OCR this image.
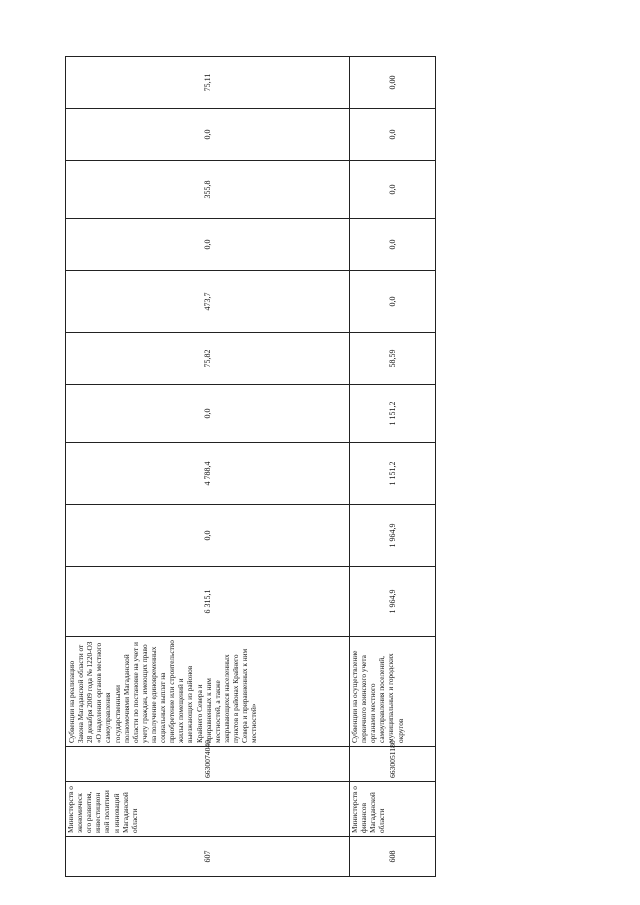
607	Министерств о экономическ ого развития, инвестицион ной политики и инноваций Магаданской области	6630074040	Субвенции на реализацию Закона Магаданской области от 28 декабря 2009 года № 1220-ОЗ «О наделении органов местного самоуправления государственными полномочиями Магаданской области по постановке на учет и учету граждан, имеющих право на получение единовременных социальных выплат на приобретение или строительство жилых помещений и выезжающих из районов Крайнего Севера и приравненных к ним местностей, а также закрывающихся населенных пунктов в районах Крайнего Севера и приравненных к ним местностей»	6 315,1	0,0	4 788,4	0,0	75,82	473,7	0,0	355,8	0,0	75,11
608	Министерств о финансов Магаданской области	6630051180	Субвенции на осуществление первичного воинского учета органами местного самоуправления поселений, муниципальных и городских округов	1 964,9	1 964,9	1 151,2	1 151,2	58,59	0,0	0,0	0,0	0,0	0,00
